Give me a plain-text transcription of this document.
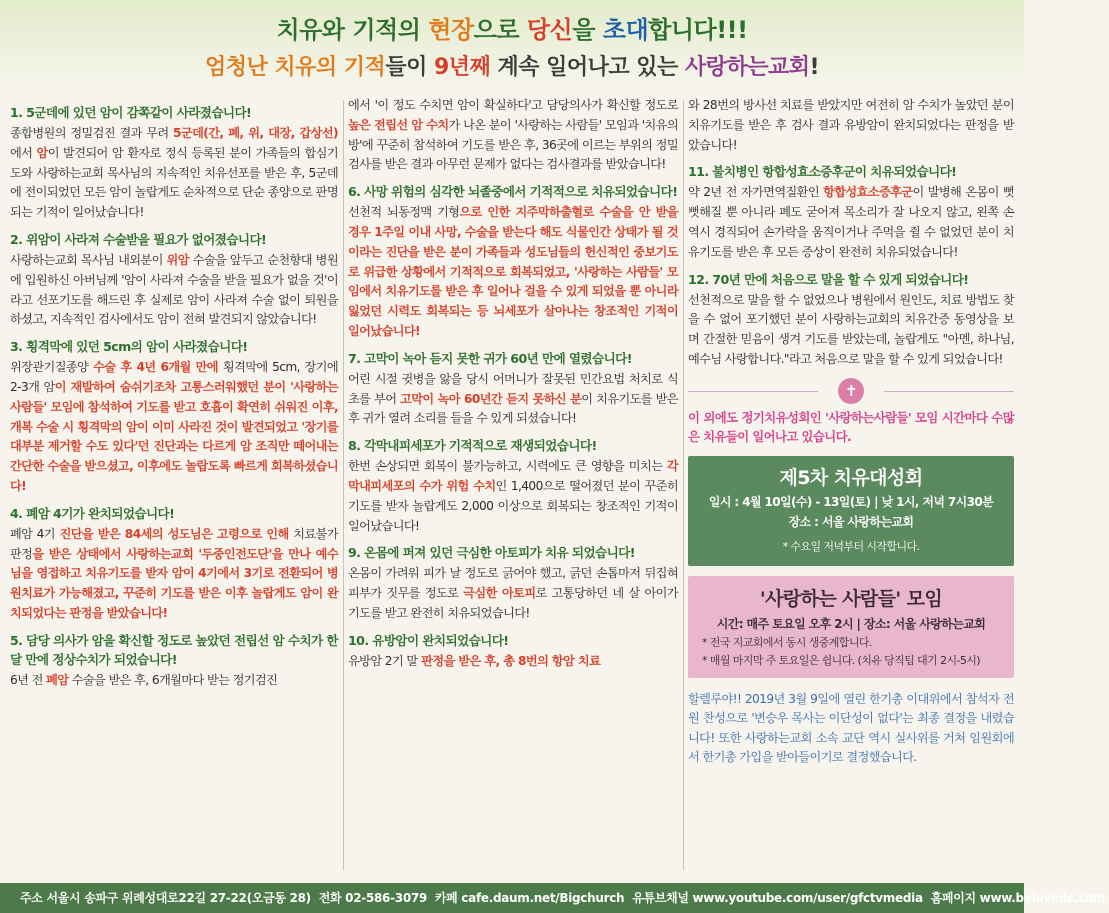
치유와 기적의 현장으로 당신을 초대합니다!!!
엄청난 치유의 기적들이 9년째 계속 일어나고 있는 사랑하는교회!
1. 5군데에 있던 암이 감쪽같이 사라졌습니다!

종합병원의 정밀검진 결과 무려 5군데(간, 폐, 위, 대장, 갑상선)에서 암이 발견되어 암 환자로 정식 등록된 분이 가족들의 합심기도와 사랑하는교회 목사님의 지속적인 치유선포를 받은 후, 5군데에 전이되었던 모든 암이 놀랍게도 순차적으로 단순 종양으로 판명되는 기적이 일어났습니다!

2. 위암이 사라져 수술받을 필요가 없어졌습니다!

사랑하는교회 목사님 내외분이 위암 수술을 앞두고 순천향대 병원에 입원하신 아버님께 '암이 사라져 수술을 받을 필요가 없을 것'이라고 선포기도를 해드린 후 실제로 암이 사라져 수술 없이 퇴원을 하셨고, 지속적인 검사에서도 암이 전혀 발견되지 않았습니다!

3. 횡격막에 있던 5cm의 암이 사라졌습니다!

위장관기질종양 수술 후 4년 6개월 만에 횡격막에 5cm, 장기에 2-3개 암이 재발하여 숨쉬기조차 고통스러워했던 분이 '사랑하는 사람들' 모임에 참석하여 기도를 받고 호흡이 확연히 쉬워진 이후, 개복 수술 시 횡격막의 암이 이미 사라진 것이 발견되었고 '장기를 대부분 제거할 수도 있다'던 진단과는 다르게 암 조직만 떼어내는 간단한 수술을 받으셨고, 이후에도 놀랍도록 빠르게 회복하셨습니다!

4. 폐암 4기가 완치되었습니다!

폐암 4기 진단을 받은 84세의 성도님은 고령으로 인해 치료불가 판정을 받은 상태에서 사랑하는교회 '두중인전도단'을 만나 예수님을 영접하고 치유기도를 받자 암이 4기에서 3기로 전환되어 병원치료가 가능해졌고, 꾸준히 기도를 받은 이후 놀랍게도 암이 완치되었다는 판정을 받았습니다!

5. 담당 의사가 암을 확신할 정도로 높았던 전립선 암 수치가 한 달 만에 정상수치가 되었습니다!

6년 전 폐암 수술을 받은 후, 6개월마다 받는 정기검진

에서 '이 정도 수치면 암이 확실하다'고 담당의사가 확신할 정도로 높은 전립선 암 수치가 나온 분이 '사랑하는 사람들' 모임과 '치유의 방'에 꾸준히 참석하여 기도를 받은 후, 36곳에 이르는 부위의 정밀검사를 받은 결과 아무런 문제가 없다는 검사결과를 받았습니다!

6. 사망 위험의 심각한 뇌졸중에서 기적적으로 치유되었습니다!

선천적 뇌동정맥 기형으로 인한 지주막하출혈로 수술을 안 받을 경우 1주일 이내 사망, 수술을 받는다 해도 식물인간 상태가 될 것이라는 진단을 받은 분이 가족들과 성도님들의 헌신적인 중보기도로 위급한 상황에서 기적적으로 회복되었고, '사랑하는 사람들' 모임에서 치유기도를 받은 후 일어나 걸을 수 있게 되었을 뿐 아니라 잃었던 시력도 회복되는 등 뇌세포가 살아나는 창조적인 기적이 일어났습니다!

7. 고막이 녹아 듣지 못한 귀가 60년 만에 열렸습니다!

어린 시절 귓병을 앓을 당시 어머니가 잘못된 민간요법 처치로 식초를 부어 고막이 녹아 60년간 듣지 못하신 분이 치유기도를 받은 후 귀가 열려 소리를 들을 수 있게 되셨습니다!

8. 각막내피세포가 기적적으로 재생되었습니다!

한번 손상되면 회복이 불가능하고, 시력에도 큰 영향을 미치는 각막내피세포의 수가 위험 수치인 1,400으로 떨어졌던 분이 꾸준히 기도를 받자 놀랍게도 2,000 이상으로 회복되는 창조적인 기적이 일어났습니다!

9. 온몸에 퍼져 있던 극심한 아토피가 치유 되었습니다!

온몸이 가려워 피가 날 정도로 긁어야 했고, 긁던 손톱마저 뒤집혀 피부가 짓무를 정도로 극심한 아토피로 고통당하던 네 살 아이가 기도를 받고 완전히 치유되었습니다!

10. 유방암이 완치되었습니다!

유방암 2기 말 판정을 받은 후, 총 8번의 항암 치료

와 28번의 방사선 치료를 받았지만 여전히 암 수치가 높았던 분이 치유기도를 받은 후 검사 결과 유방암이 완치되었다는 판정을 받았습니다!

11. 불치병인 항합성효소증후군이 치유되었습니다!

약 2년 전 자가면역질환인 항합성효소증후군이 발병해 온몸이 뻣뻣해질 뿐 아니라 폐도 굳어져 목소리가 잘 나오지 않고, 왼쪽 손 역시 경직되어 손가락을 움직이거나 주먹을 쥘 수 없었던 분이 치유기도를 받은 후 모든 증상이 완전히 치유되었습니다!

12. 70년 만에 처음으로 말을 할 수 있게 되었습니다!

선천적으로 말을 할 수 없었으나 병원에서 원인도, 치료 방법도 찾을 수 없어 포기했던 분이 사랑하는교회의 치유간증 동영상을 보며 간절한 믿음이 생겨 기도를 받았는데, 놀랍게도 "아멘, 하나님, 예수님 사랑합니다."라고 처음으로 말을 할 수 있게 되었습니다!

✝
이 외에도 정기치유성회인 '사랑하는사람들' 모임 시간마다 수많은 치유들이 일어나고 있습니다.
제5차 치유대성회
일시 : 4월 10일(수) - 13일(토) | 낮 1시, 저녁 7시30분
장소 : 서울 사랑하는교회
* 수요일 저녁부터 시작합니다.
'사랑하는 사람들' 모임
시간: 매주 토요일 오후 2시 | 장소: 서울 사랑하는교회
* 전국 지교회에서 동시 생중계합니다.
* 매월 마지막 주 토요일은 쉽니다. (치유 당직팀 대기 2시-5시)
할렐루야!! 2019년 3월 9일에 열린 한기총 이대위에서 참석자 전원 찬성으로 '변승우 목사는 이단성이 없다'는 최종 결정을 내렸습니다! 또한 사랑하는교회 소속 교단 역시 실사위를 거쳐 임원회에서 한기총 가입을 받아들이기로 결정했습니다.
주소 서울시 송파구 위례성대로22길 27-22(오금동 28) 전화 02-586-3079 카페 cafe.daum.net/Bigchurch 유튜브채널 www.youtube.com/user/gfctvmedia 홈페이지 www.belovedc.com
